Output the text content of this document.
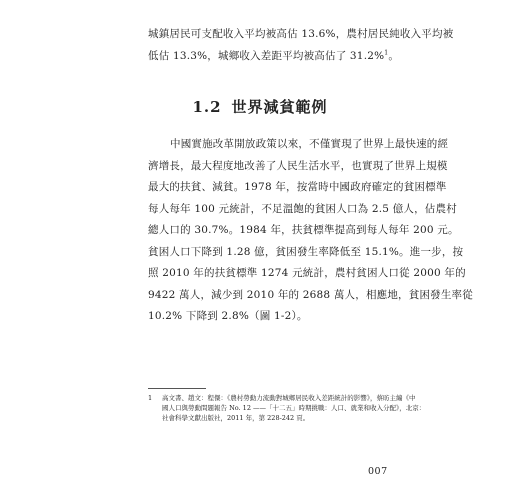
城鎮居民可支配收入平均被高估 13.6%，農村居民純收入平均被
低估 13.3%，城鄉收入差距平均被高估了 31.2%$^1$。

1.2 世界減貧範例

中國實施改革開放政策以來，不僅實現了世界上最快速的經
濟增長，最大程度地改善了人民生活水平，也實現了世界上規模
最大的扶貧、減貧。1978 年，按當時中國政府確定的貧困標準
每人每年 100 元統計，不足溫飽的貧困人口為 2.5 億人，佔農村
總人口的 30.7%。1984 年，扶貧標準提高到每人每年 200 元。
貧困人口下降到 1.28 億，貧困發生率降低至 15.1%。進一步，按
照 2010 年的扶貧標準 1274 元統計，農村貧困人口從 2000 年的
9422 萬人，減少到 2010 年的 2688 萬人，相應地，貧困發生率從
10.2% 下降到 2.8%（圖 1-2）。

1 高文書、趙文：程傑：《農村勞動力流動對城鄉居民收入差距統計的影響》，蔡昉主編《中
國人口與勞動問題報告 No. 12 ——「十二五」時期挑戰：人口、就業和收入分配》，北京：
社會科學文獻出版社，2011 年，第 228-242 頁。
007
